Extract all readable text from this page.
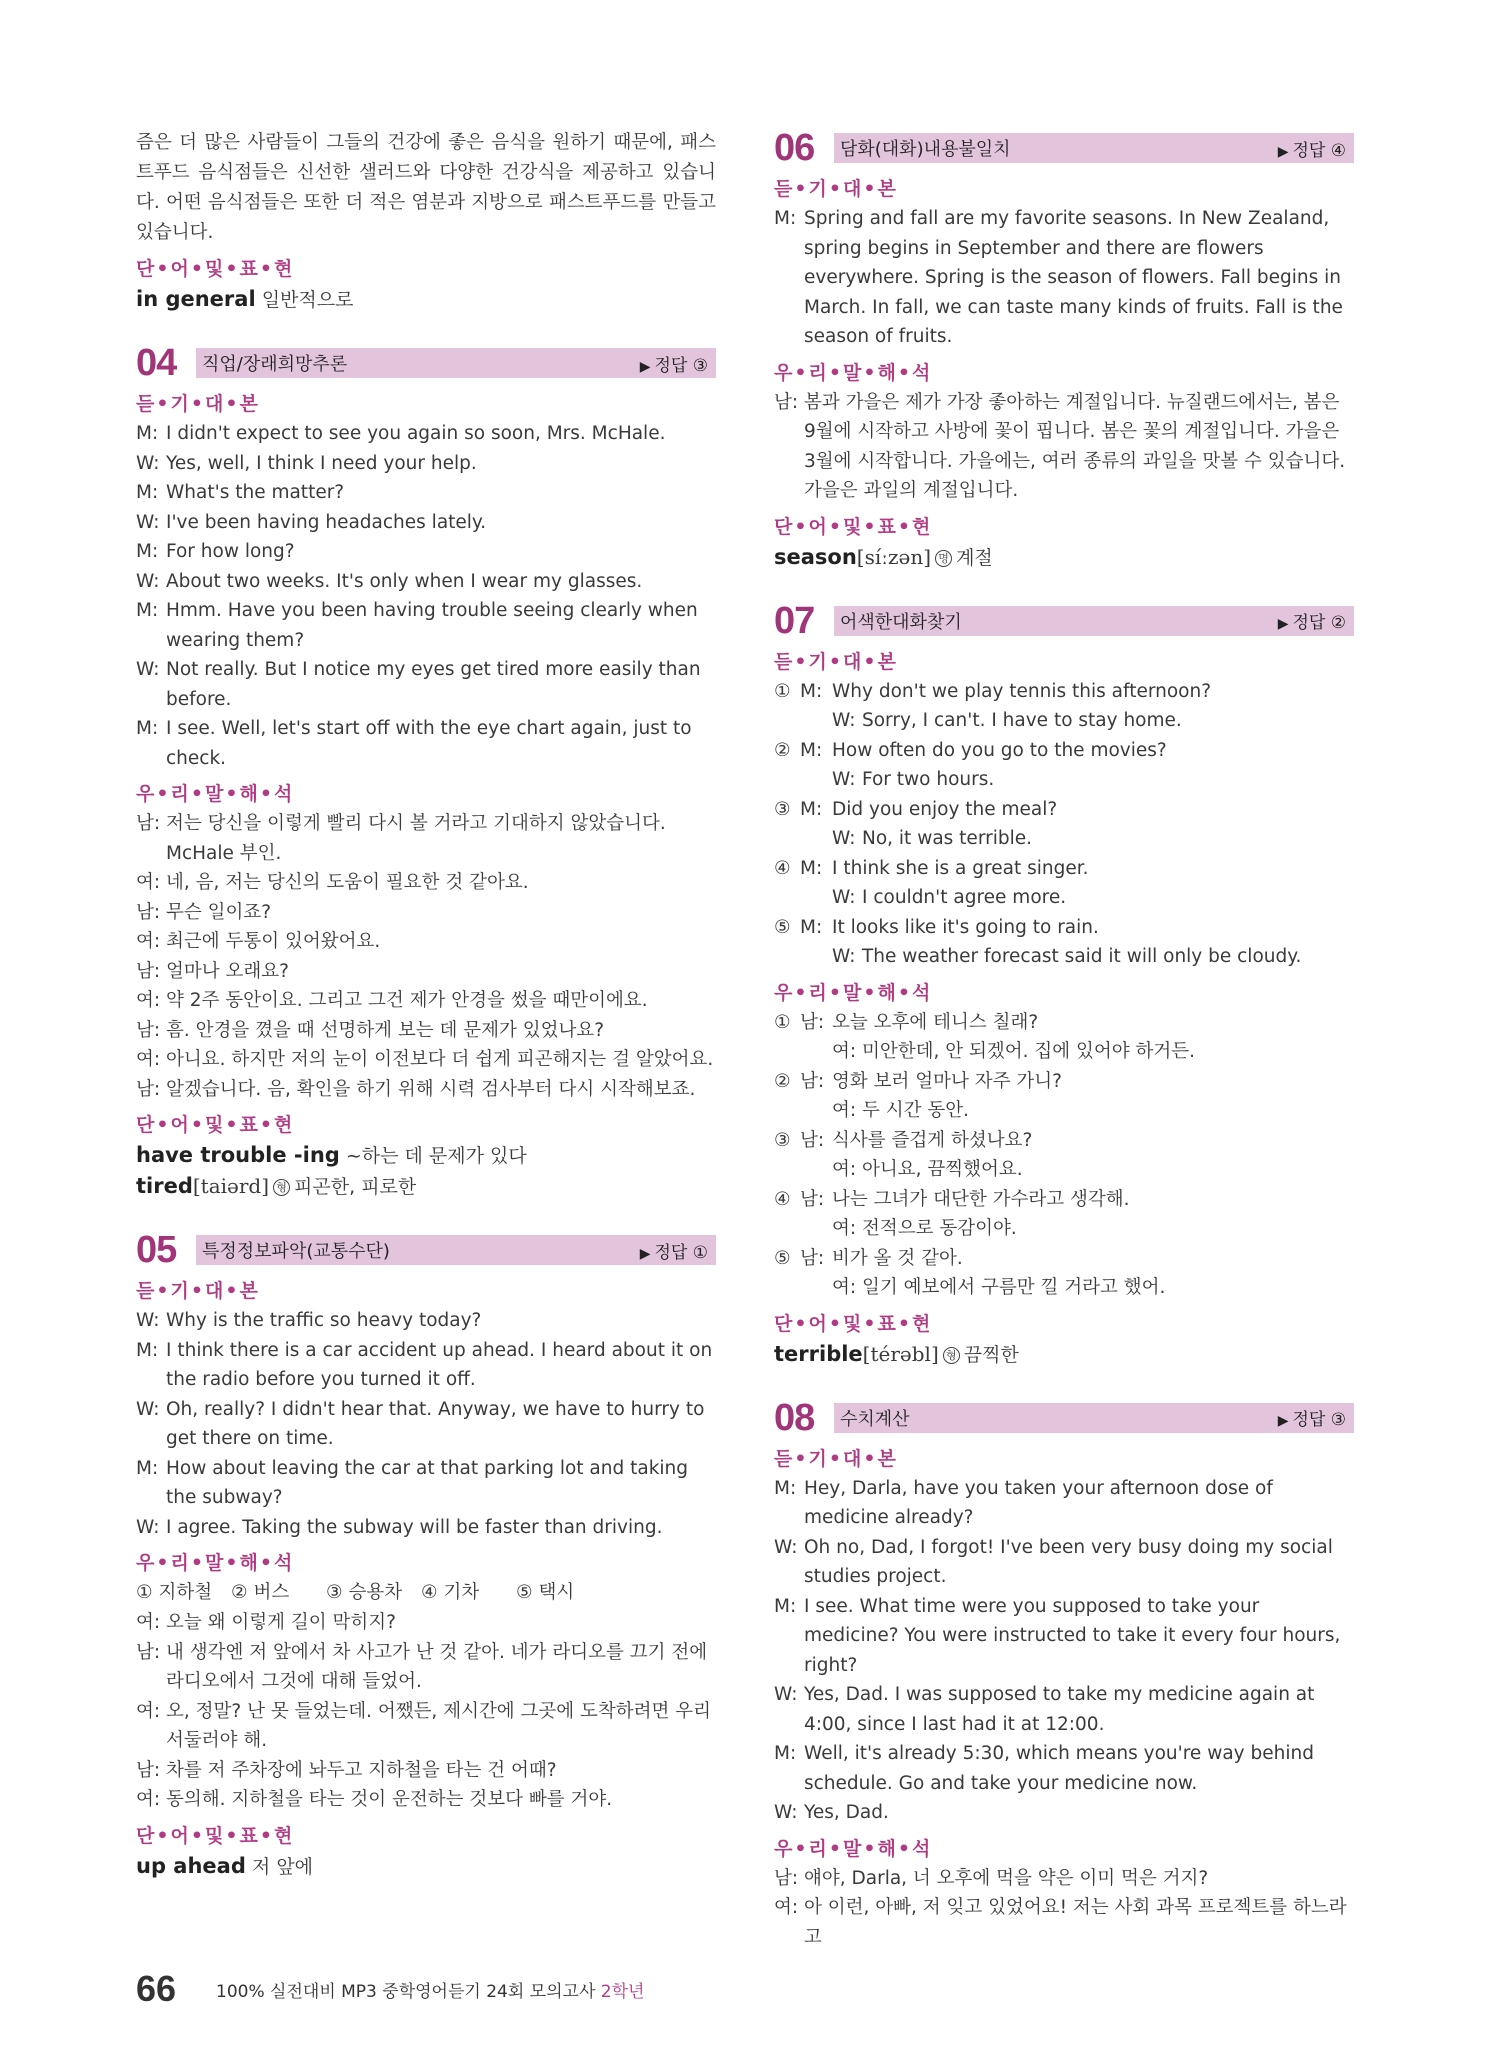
즘은 더 많은 사람들이 그들의 건강에 좋은 음식을 원하기 때문에, 패스트푸드 음식점들은 신선한 샐러드와 다양한 건강식을 제공하고 있습니다. 어떤 음식점들은 또한 더 적은 염분과 지방으로 패스트푸드를 만들고 있습니다.
단•어•및•표•현
in general 일반적으로
04	직업/장래희망추론	▶ 정답 ③
듣•기•대•본
M: I didn't expect to see you again so soon, Mrs. McHale.
W: Yes, well, I think I need your help.
M: What's the matter?
W: I've been having headaches lately.
M: For how long?
W: About two weeks. It's only when I wear my glasses.
M: Hmm. Have you been having trouble seeing clearly when wearing them?
W: Not really. But I notice my eyes get tired more easily than before.
M: I see. Well, let's start off with the eye chart again, just to check.
우•리•말•해•석
남: 저는 당신을 이렇게 빨리 다시 볼 거라고 기대하지 않았습니다. McHale 부인.
여: 네, 음, 저는 당신의 도움이 필요한 것 같아요.
남: 무슨 일이죠?
여: 최근에 두통이 있어왔어요.
남: 얼마나 오래요?
여: 약 2주 동안이요. 그리고 그건 제가 안경을 썼을 때만이에요.
남: 흠. 안경을 꼈을 때 선명하게 보는 데 문제가 있었나요?
여: 아니요. 하지만 저의 눈이 이전보다 더 쉽게 피곤해지는 걸 알았어요.
남: 알겠습니다. 음, 확인을 하기 위해 시력 검사부터 다시 시작해보죠.
단•어•및•표•현
have trouble -ing ~하는 데 문제가 있다
tired[taiərd] 형 피곤한, 피로한
05	특정정보파악(교통수단)	▶ 정답 ①
듣•기•대•본
W: Why is the traffic so heavy today?
M: I think there is a car accident up ahead. I heard about it on the radio before you turned it off.
W: Oh, really? I didn't hear that. Anyway, we have to hurry to get there on time.
M: How about leaving the car at that parking lot and taking the subway?
W: I agree. Taking the subway will be faster than driving.
우•리•말•해•석
① 지하철	② 버스	③ 승용차	④ 기차	⑤ 택시
여: 오늘 왜 이렇게 길이 막히지?
남: 내 생각엔 저 앞에서 차 사고가 난 것 같아. 네가 라디오를 끄기 전에 라디오에서 그것에 대해 들었어.
여: 오, 정말? 난 못 들었는데. 어쨌든, 제시간에 그곳에 도착하려면 우리 서둘러야 해.
남: 차를 저 주차장에 놔두고 지하철을 타는 건 어때?
여: 동의해. 지하철을 타는 것이 운전하는 것보다 빠를 거야.
단•어•및•표•현
up ahead 저 앞에
06	담화(대화)내용불일치	▶ 정답 ④
듣•기•대•본
M: Spring and fall are my favorite seasons. In New Zealand, spring begins in September and there are flowers everywhere. Spring is the season of flowers. Fall begins in March. In fall, we can taste many kinds of fruits. Fall is the season of fruits.
우•리•말•해•석
남: 봄과 가을은 제가 가장 좋아하는 계절입니다. 뉴질랜드에서는, 봄은 9월에 시작하고 사방에 꽃이 핍니다. 봄은 꽃의 계절입니다. 가을은 3월에 시작합니다. 가을에는, 여러 종류의 과일을 맛볼 수 있습니다. 가을은 과일의 계절입니다.
단•어•및•표•현
season[síːzən] 명 계절
07	어색한대화찾기	▶ 정답 ②
듣•기•대•본
① M: Why don't we play tennis this afternoon?
W: Sorry, I can't. I have to stay home.
② M: How often do you go to the movies?
W: For two hours.
③ M: Did you enjoy the meal?
W: No, it was terrible.
④ M: I think she is a great singer.
W: I couldn't agree more.
⑤ M: It looks like it's going to rain.
W: The weather forecast said it will only be cloudy.
우•리•말•해•석
① 남: 오늘 오후에 테니스 칠래?
여: 미안한데, 안 되겠어. 집에 있어야 하거든.
② 남: 영화 보러 얼마나 자주 가니?
여: 두 시간 동안.
③ 남: 식사를 즐겁게 하셨나요?
여: 아니요, 끔찍했어요.
④ 남: 나는 그녀가 대단한 가수라고 생각해.
여: 전적으로 동감이야.
⑤ 남: 비가 올 것 같아.
여: 일기 예보에서 구름만 낄 거라고 했어.
단•어•및•표•현
terrible[térəbl] 형 끔찍한
08	수치계산	▶ 정답 ③
듣•기•대•본
M: Hey, Darla, have you taken your afternoon dose of medicine already?
W: Oh no, Dad, I forgot! I've been very busy doing my social studies project.
M: I see. What time were you supposed to take your medicine? You were instructed to take it every four hours, right?
W: Yes, Dad. I was supposed to take my medicine again at 4:00, since I last had it at 12:00.
M: Well, it's already 5:30, which means you're way behind schedule. Go and take your medicine now.
W: Yes, Dad.
우•리•말•해•석
남: 얘야, Darla, 너 오후에 먹을 약은 이미 먹은 거지?
여: 아 이런, 아빠, 저 잊고 있었어요! 저는 사회 과목 프로젝트를 하느라고
66 100% 실전대비 MP3 중학영어듣기 24회 모의고사 2학년
